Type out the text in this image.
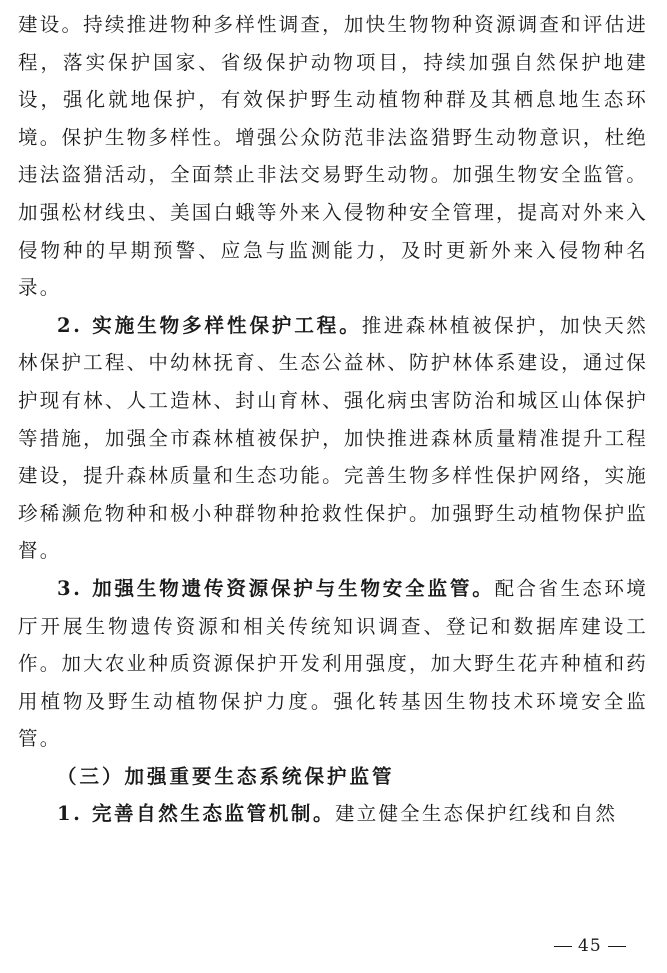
建设。持续推进物种多样性调查，加快生物物种资源调查和评估进程，落实保护国家、省级保护动物项目，持续加强自然保护地建设，强化就地保护，有效保护野生动植物种群及其栖息地生态环境。保护生物多样性。增强公众防范非法盗猎野生动物意识，杜绝违法盗猎活动，全面禁止非法交易野生动物。加强生物安全监管。加强松材线虫、美国白蛾等外来入侵物种安全管理，提高对外来入侵物种的早期预警、应急与监测能力，及时更新外来入侵物种名录。

2. 实施生物多样性保护工程。推进森林植被保护，加快天然林保护工程、中幼林抚育、生态公益林、防护林体系建设，通过保护现有林、人工造林、封山育林、强化病虫害防治和城区山体保护等措施，加强全市森林植被保护，加快推进森林质量精准提升工程建设，提升森林质量和生态功能。完善生物多样性保护网络，实施珍稀濒危物种和极小种群物种抢救性保护。加强野生动植物保护监督。

3. 加强生物遗传资源保护与生物安全监管。配合省生态环境厅开展生物遗传资源和相关传统知识调查、登记和数据库建设工作。加大农业种质资源保护开发利用强度，加大野生花卉种植和药用植物及野生动植物保护力度。强化转基因生物技术环境安全监管。

（三）加强重要生态系统保护监管

1. 完善自然生态监管机制。建立健全生态保护红线和自然

45
